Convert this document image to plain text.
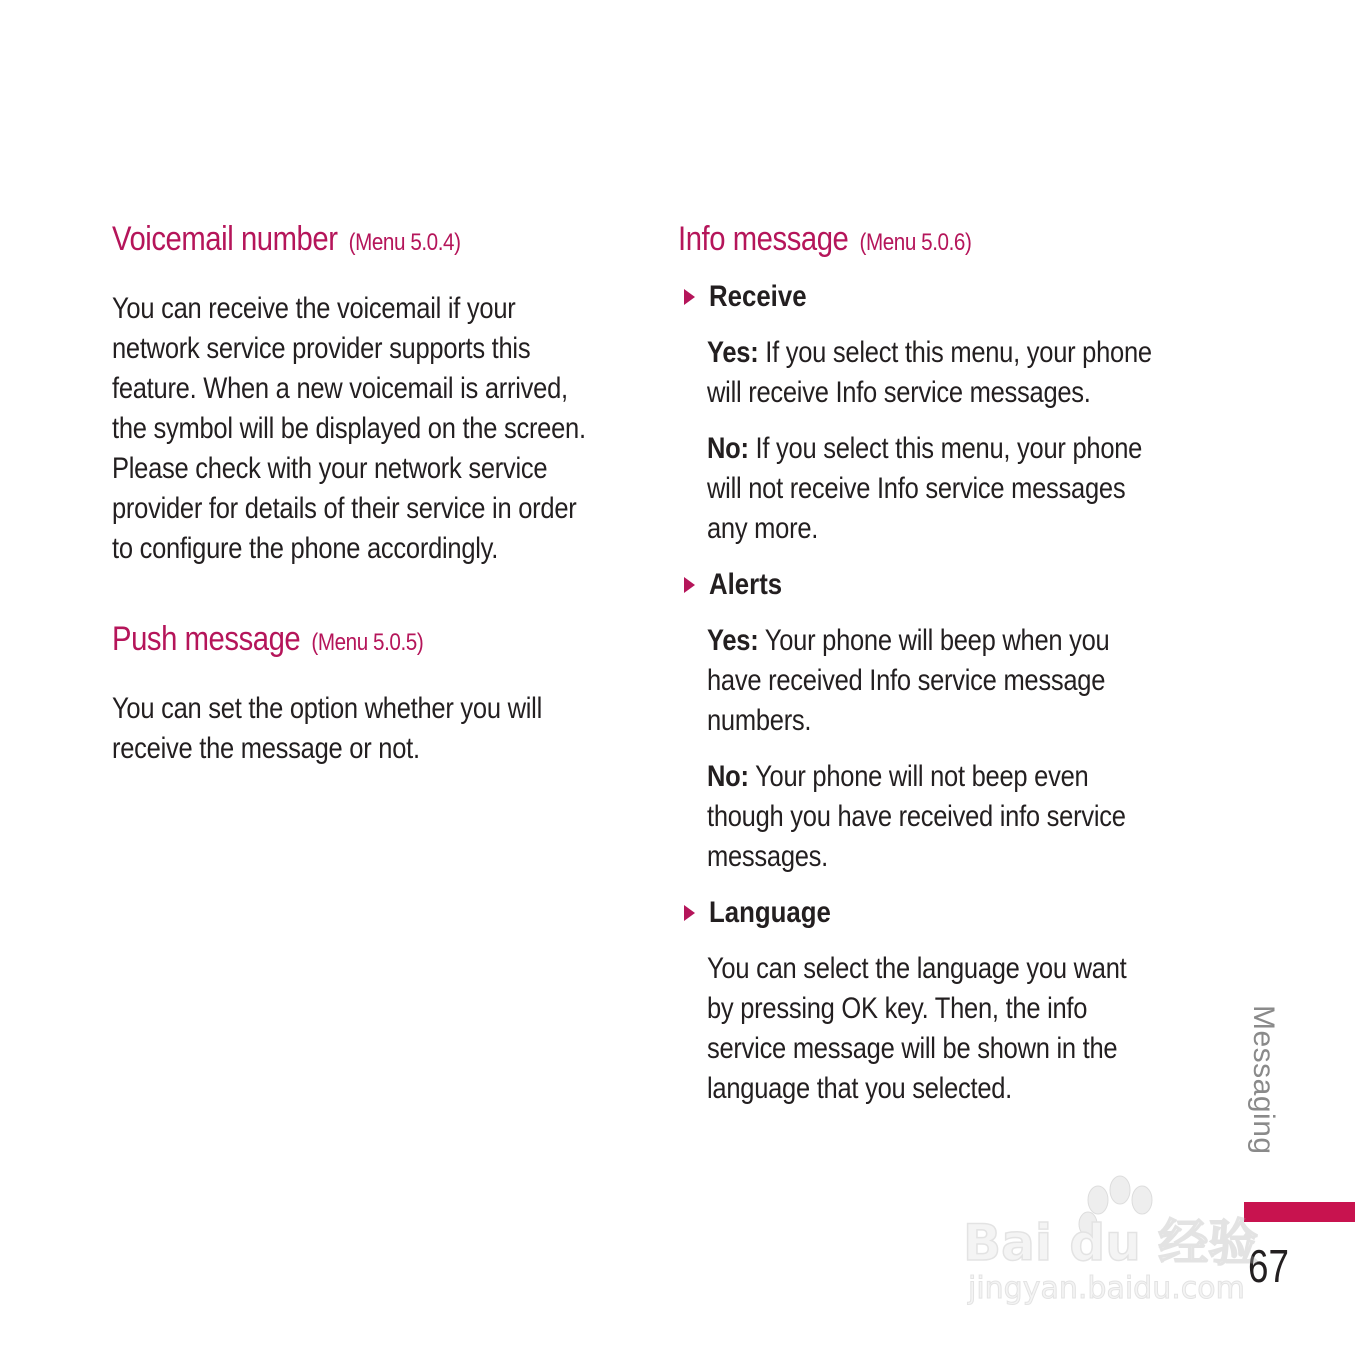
Voicemail number (Menu 5.0.4)
You can receive the voicemail if your
network service provider supports this
feature. When a new voicemail is arrived,
the symbol will be displayed on the screen.
Please check with your network service
provider for details of their service in order
to configure the phone accordingly.
Push message (Menu 5.0.5)
You can set the option whether you will
receive the message or not.
Info message (Menu 5.0.6)
Receive
Yes: If you select this menu, your phone
will receive Info service messages.
No: If you select this menu, your phone
will not receive Info service messages
any more.
Alerts
Yes: Your phone will beep when you
have received Info service message
numbers.
No: Your phone will not beep even
though you have received info service
messages.
Language
You can select the language you want
by pressing OK key. Then, the info
service message will be shown in the
language that you selected.	Messaging
67
Bai du 经验
jingyan.baidu.com
